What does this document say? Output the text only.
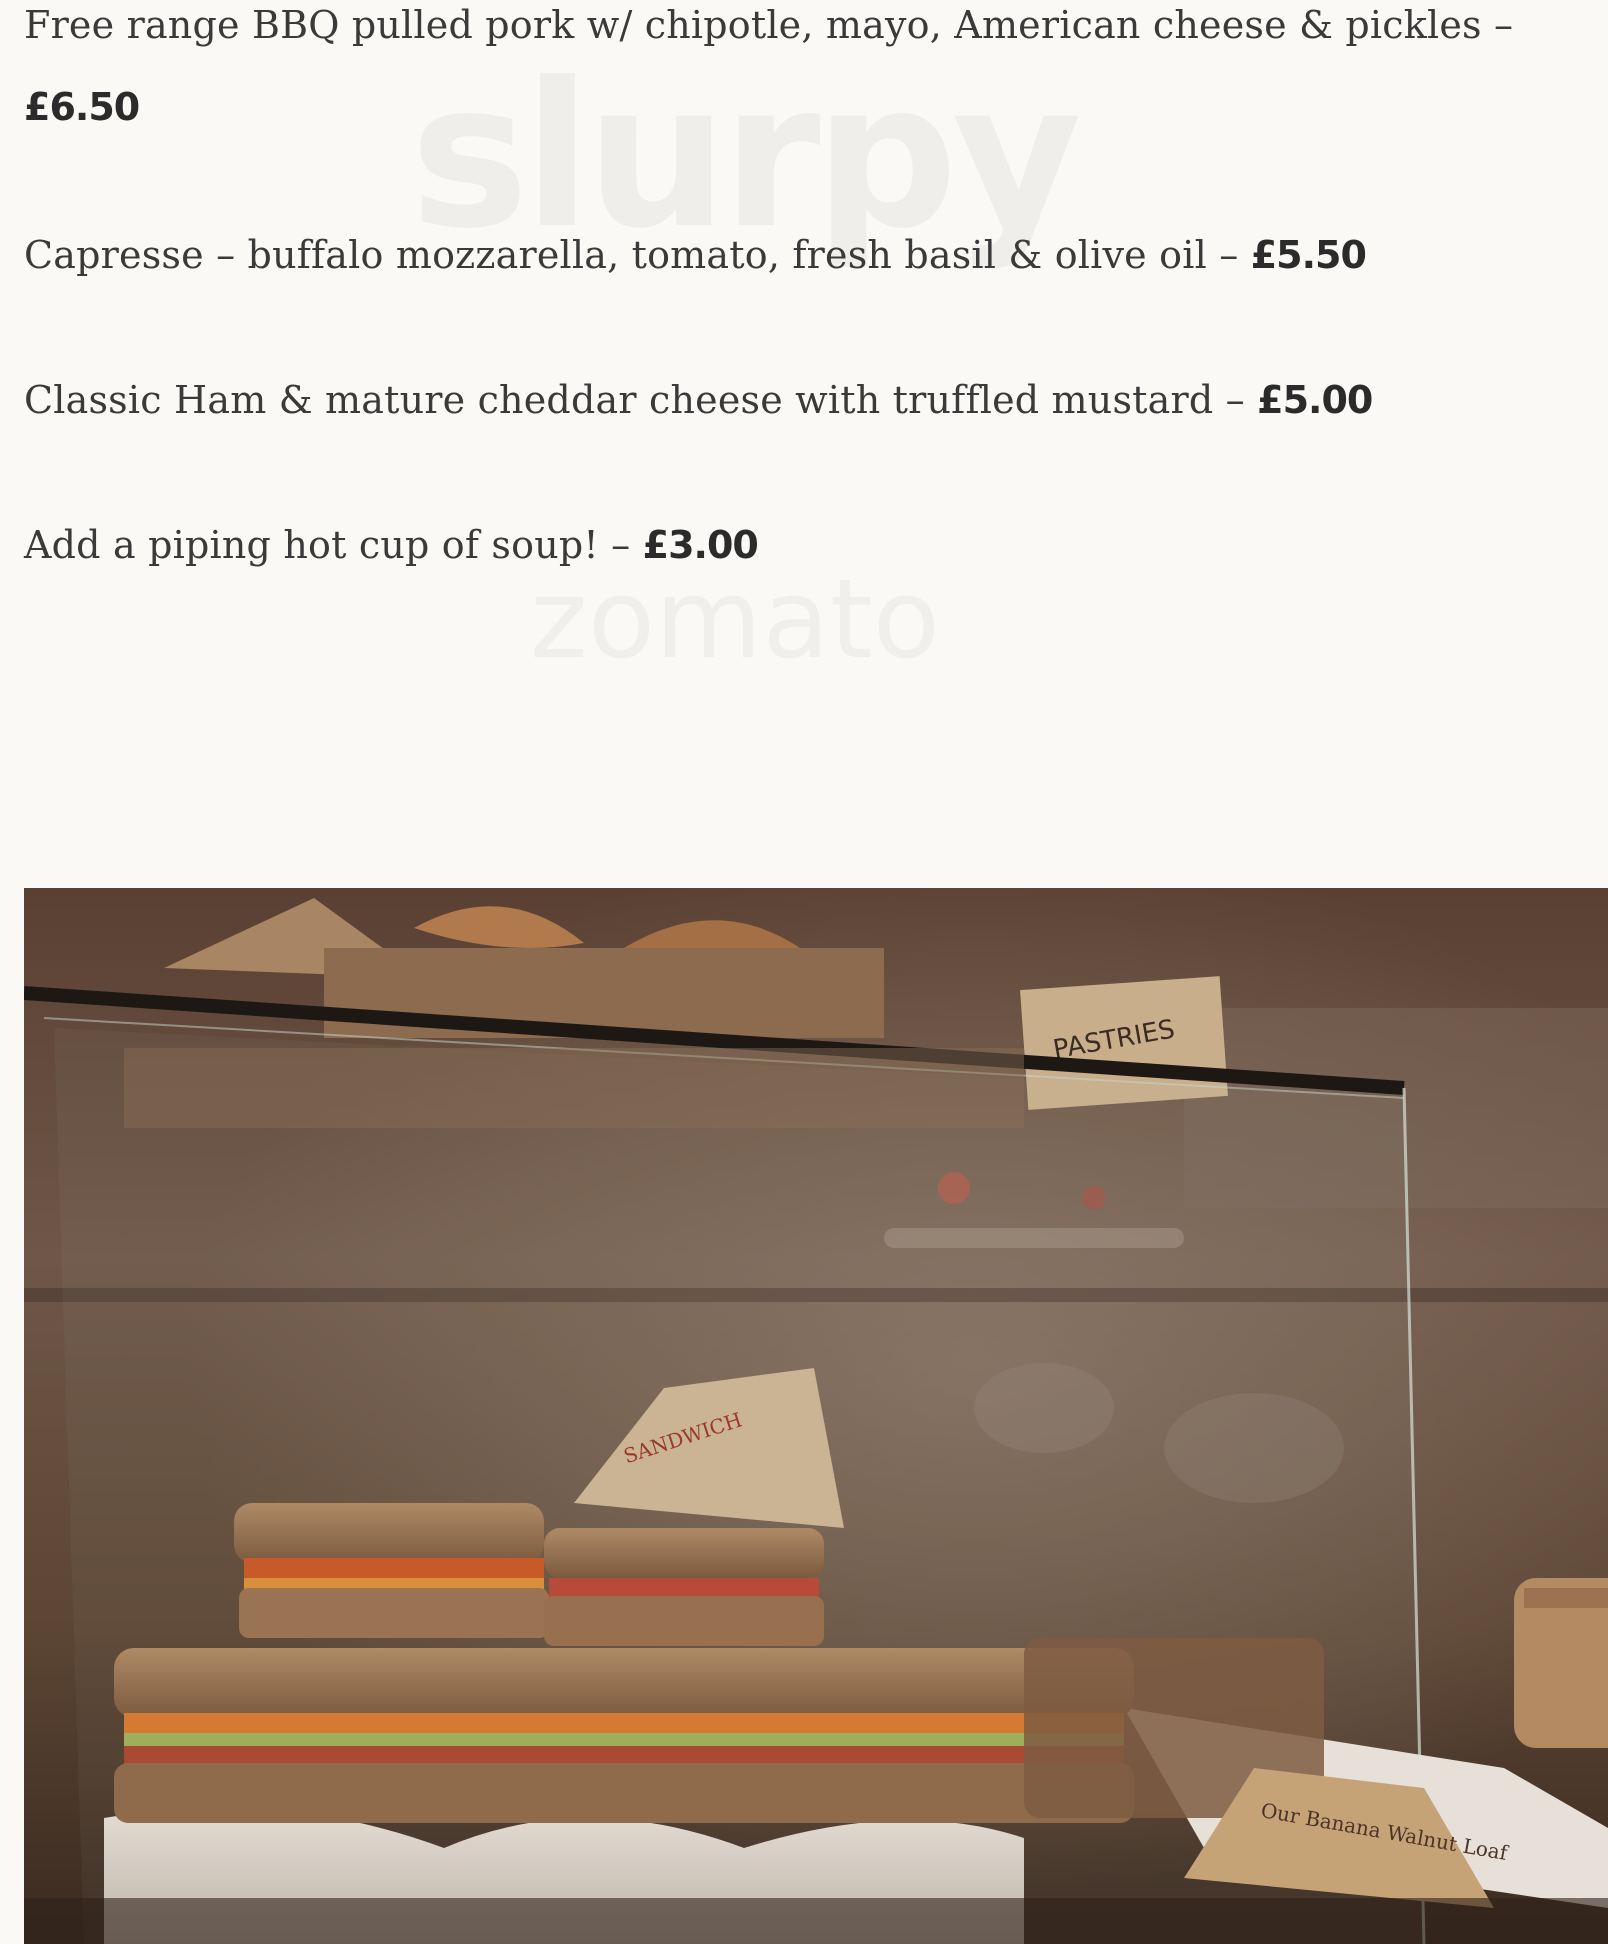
Free range BBQ pulled pork w/ chipotle, mayo, American cheese & pickles –
£6.50
Capresse – buffalo mozzarella, tomato, fresh basil & olive oil – £5.50
Classic Ham & mature cheddar cheese with truffled mustard – £5.00
Add a piping hot cup of soup! – £3.00
PASTRIES
SANDWICH
Our Banana Walnut Loaf
